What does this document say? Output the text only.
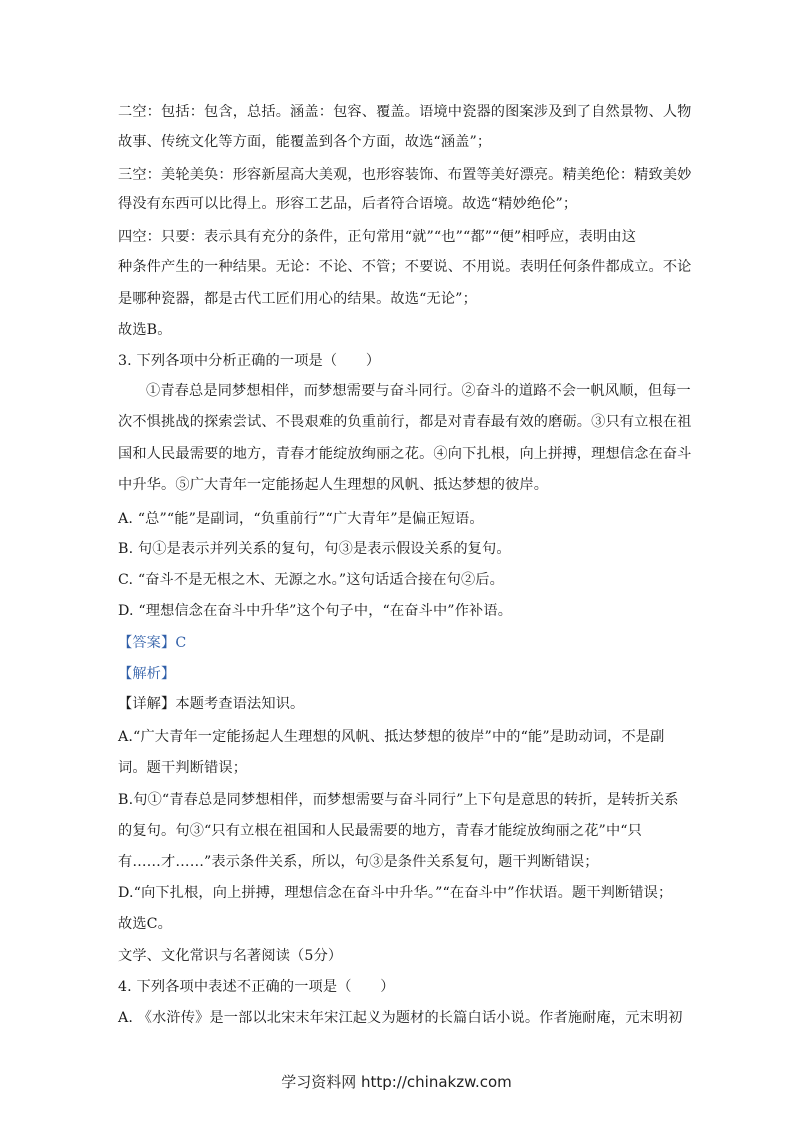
二空：包括：包含，总括。涵盖：包容、覆盖。语境中瓷器的图案涉及到了自然景物、人物
故事、传统文化等方面，能覆盖到各个方面，故选“涵盖”；
三空：美轮美奂：形容新屋高大美观，也形容装饰、布置等美好漂亮。精美绝伦：精致美妙
得没有东西可以比得上。形容工艺品，后者符合语境。故选“精妙绝伦”；
四空：只要：表示具有充分的条件，正句常用“就”“也”“都”“便”相呼应，表明由这
种条件产生的一种结果。无论：不论、不管；不要说、不用说。表明任何条件都成立。不论
是哪种瓷器，都是古代工匠们用心的结果。故选“无论”；
故选B。
3. 下列各项中分析正确的一项是（　　）
①青春总是同梦想相伴，而梦想需要与奋斗同行。②奋斗的道路不会一帆风顺，但每一
次不惧挑战的探索尝试、不畏艰难的负重前行，都是对青春最有效的磨砺。③只有立根在祖
国和人民最需要的地方，青春才能绽放绚丽之花。④向下扎根，向上拼搏，理想信念在奋斗
中升华。⑤广大青年一定能扬起人生理想的风帆、抵达梦想的彼岸。
A. “总”“能”是副词，“负重前行”“广大青年”是偏正短语。
B. 句①是表示并列关系的复句，句③是表示假设关系的复句。
C. “奋斗不是无根之木、无源之水。”这句话适合接在句②后。
D. “理想信念在奋斗中升华”这个句子中，“在奋斗中”作补语。
【答案】C
【解析】
【详解】本题考查语法知识。
A.“广大青年一定能扬起人生理想的风帆、抵达梦想的彼岸”中的“能”是助动词，不是副
词。题干判断错误；
B.句①“青春总是同梦想相伴，而梦想需要与奋斗同行”上下句是意思的转折，是转折关系
的复句。句③“只有立根在祖国和人民最需要的地方，青春才能绽放绚丽之花”中“只
有……才……”表示条件关系，所以，句③是条件关系复句，题干判断错误；
D.“向下扎根，向上拼搏，理想信念在奋斗中升华。”“在奋斗中”作状语。题干判断错误；
故选C。
文学、文化常识与名著阅读（5分）
4. 下列各项中表述不正确的一项是（　　）
A. 《水浒传》是一部以北宋末年宋江起义为题材的长篇白话小说。作者施耐庵，元末明初
学习资料网 http://chinakzw.com
